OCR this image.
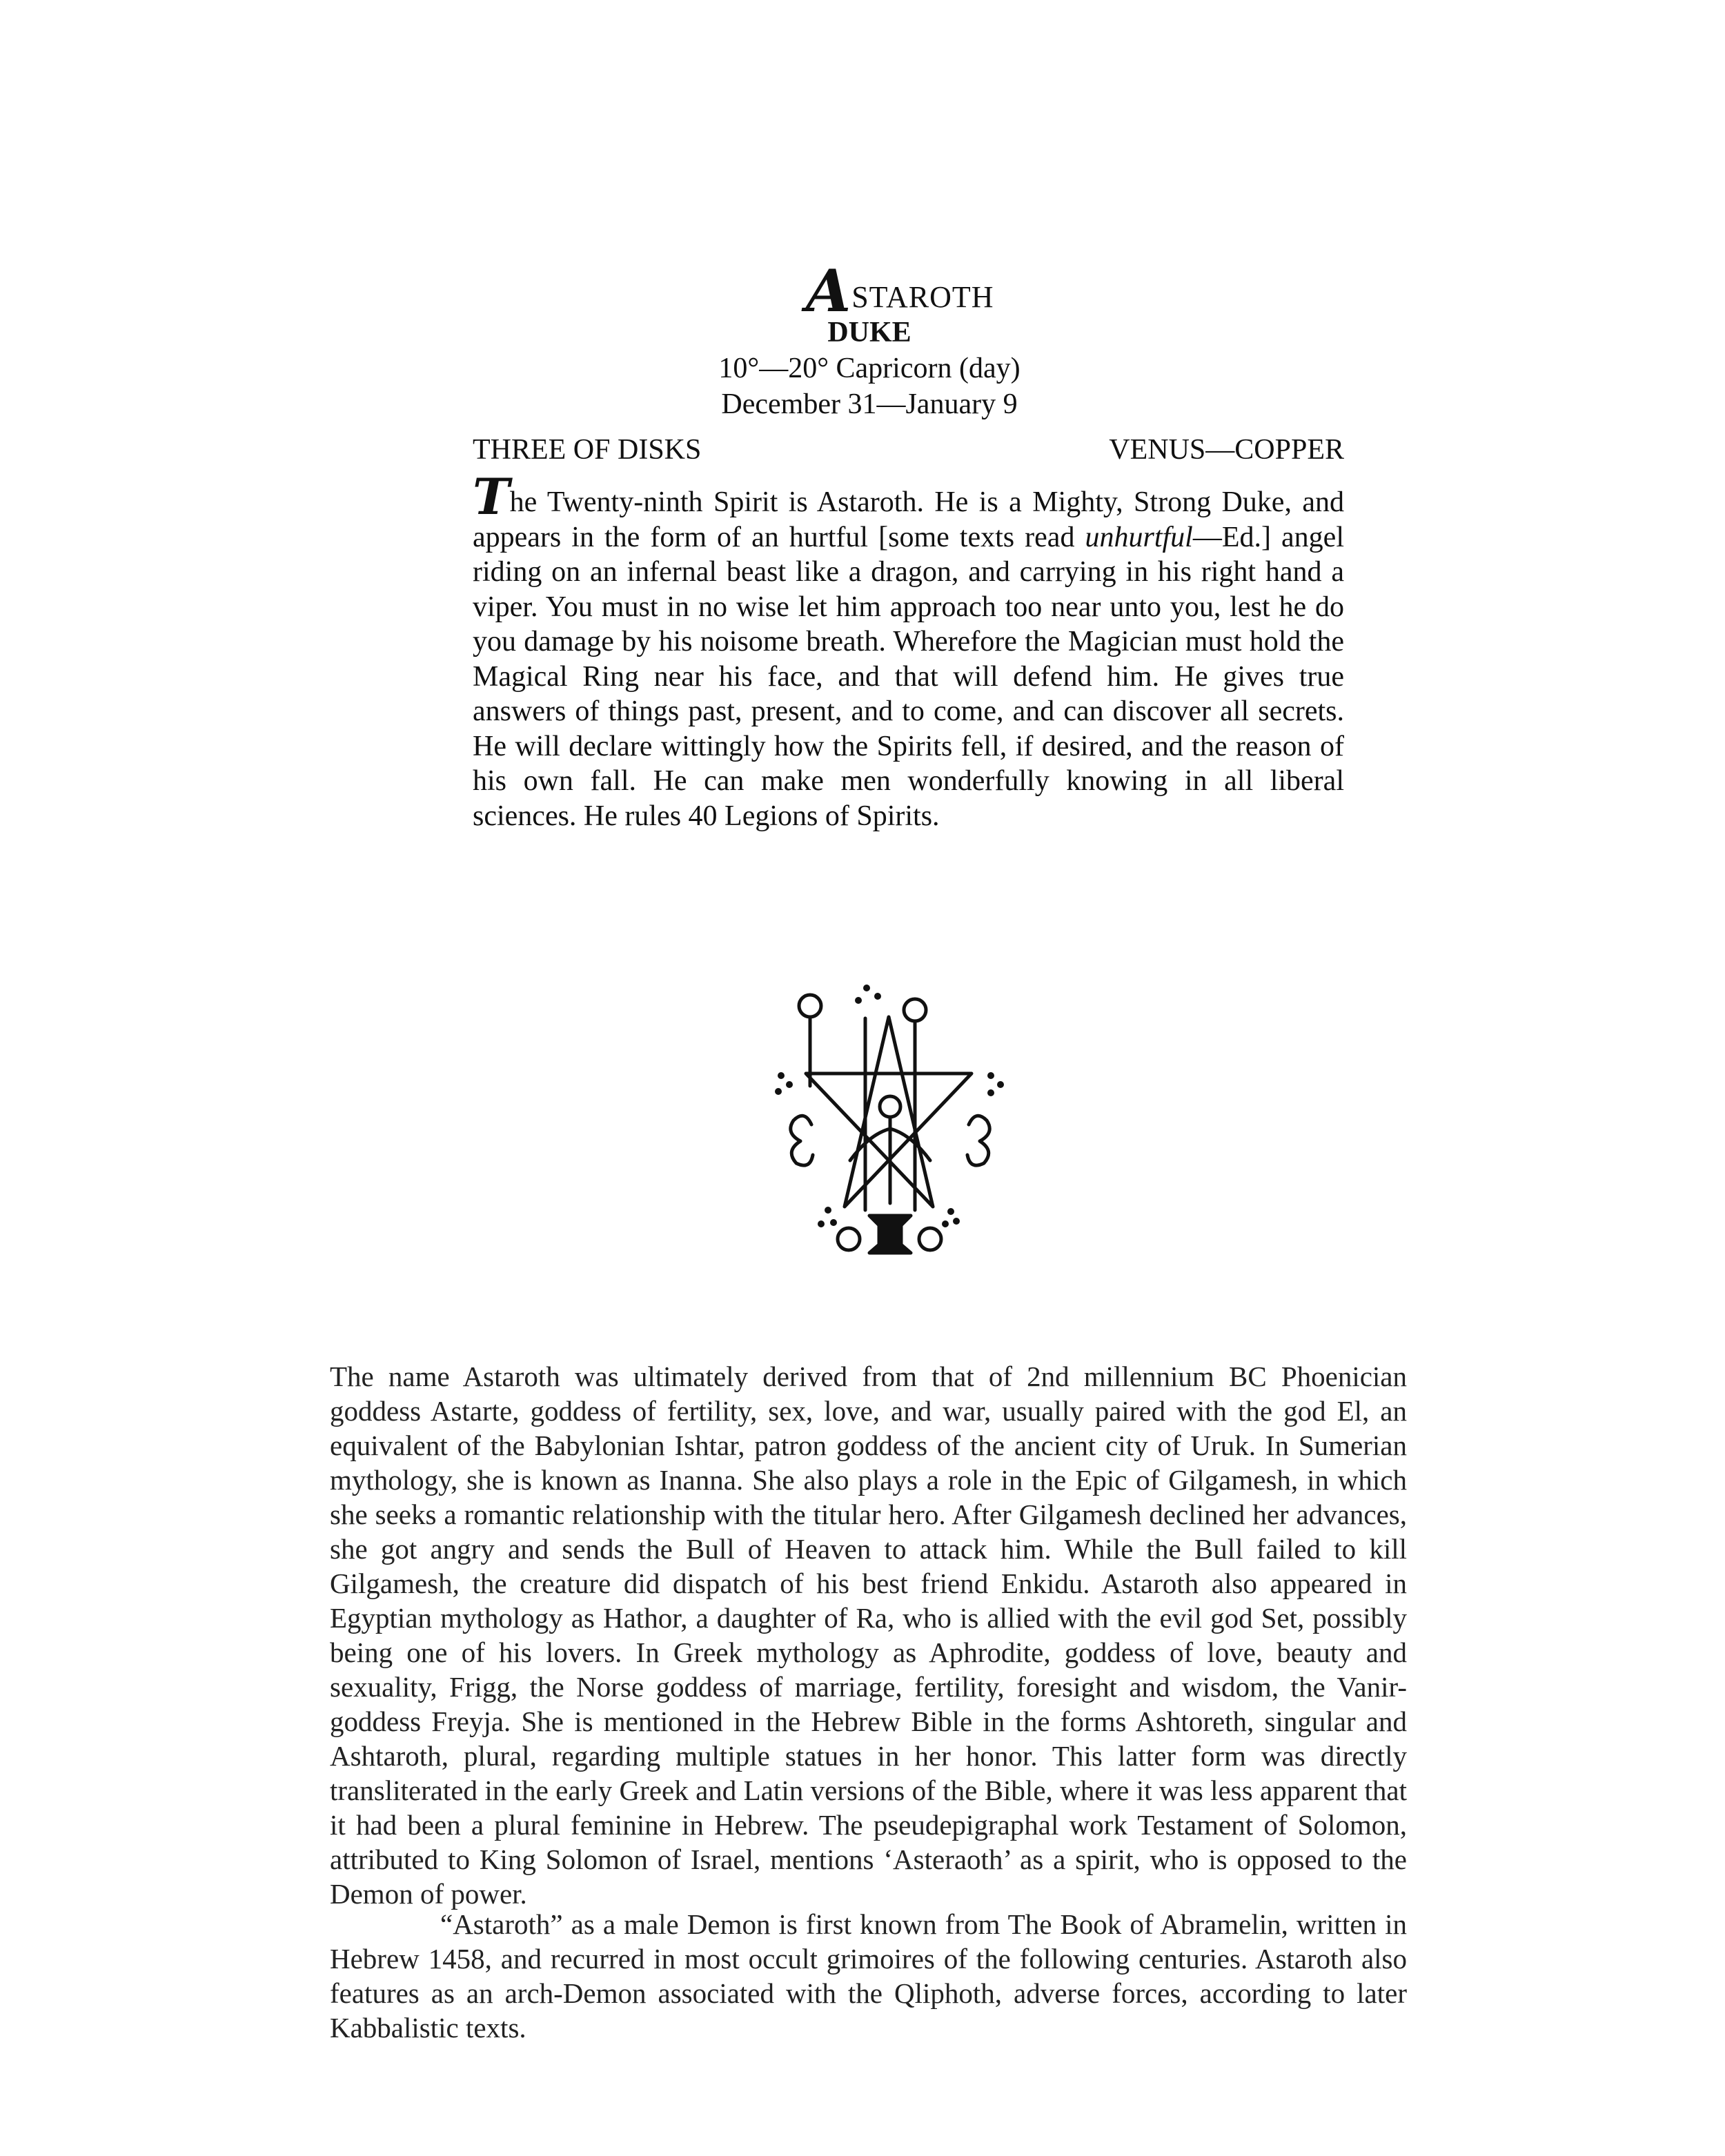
ASTAROTH
DUKE
10°—20° Capricorn (day)
December 31—January 9
THREE OF DISKS	VENUS—COPPER
The Twenty-ninth Spirit is Astaroth. He is a Mighty, Strong Duke, and appears in the form of an hurtful [some texts read unhurtful—Ed.] angel riding on an infernal beast like a dragon, and carrying in his right hand a viper. You must in no wise let him approach too near unto you, lest he do you damage by his noisome breath. Wherefore the Magician must hold the Magical Ring near his face, and that will defend him. He gives true answers of things past, present, and to come, and can discover all secrets. He will declare wittingly how the Spirits fell, if desired, and the reason of his own fall. He can make men wonderfully knowing in all liberal sciences. He rules 40 Legions of Spirits.
The name Astaroth was ultimately derived from that of 2nd millennium BC Phoenician goddess Astarte, goddess of fertility, sex, love, and war, usually paired with the god El, an equivalent of the Babylonian Ishtar, patron goddess of the ancient city of Uruk. In Sumerian mythology, she is known as Inanna. She also plays a role in the Epic of Gilgamesh, in which she seeks a romantic relationship with the titular hero. After Gilgamesh declined her advances, she got angry and sends the Bull of Heaven to attack him. While the Bull failed to kill Gilgamesh, the creature did dispatch of his best friend Enkidu. Astaroth also appeared in Egyptian mythology as Hathor, a daughter of Ra, who is allied with the evil god Set, possibly being one of his lovers. In Greek mythology as Aphrodite, goddess of love, beauty and sexuality, Frigg, the Norse goddess of marriage, fertility, foresight and wisdom, the Vanir-goddess Freyja. She is mentioned in the Hebrew Bible in the forms Ashtoreth, singular and Ashtaroth, plural, regarding multiple statues in her honor. This latter form was directly transliterated in the early Greek and Latin versions of the Bible, where it was less apparent that it had been a plural feminine in Hebrew. The pseudepigraphal work Testament of Solomon, attributed to King Solomon of Israel, mentions ‘Asteraoth’ as a spirit, who is opposed to the Demon of power.
“Astaroth” as a male Demon is first known from The Book of Abramelin, written in Hebrew 1458, and recurred in most occult grimoires of the following centuries. Astaroth also features as an arch-Demon associated with the Qliphoth, adverse forces, according to later Kabbalistic texts.
